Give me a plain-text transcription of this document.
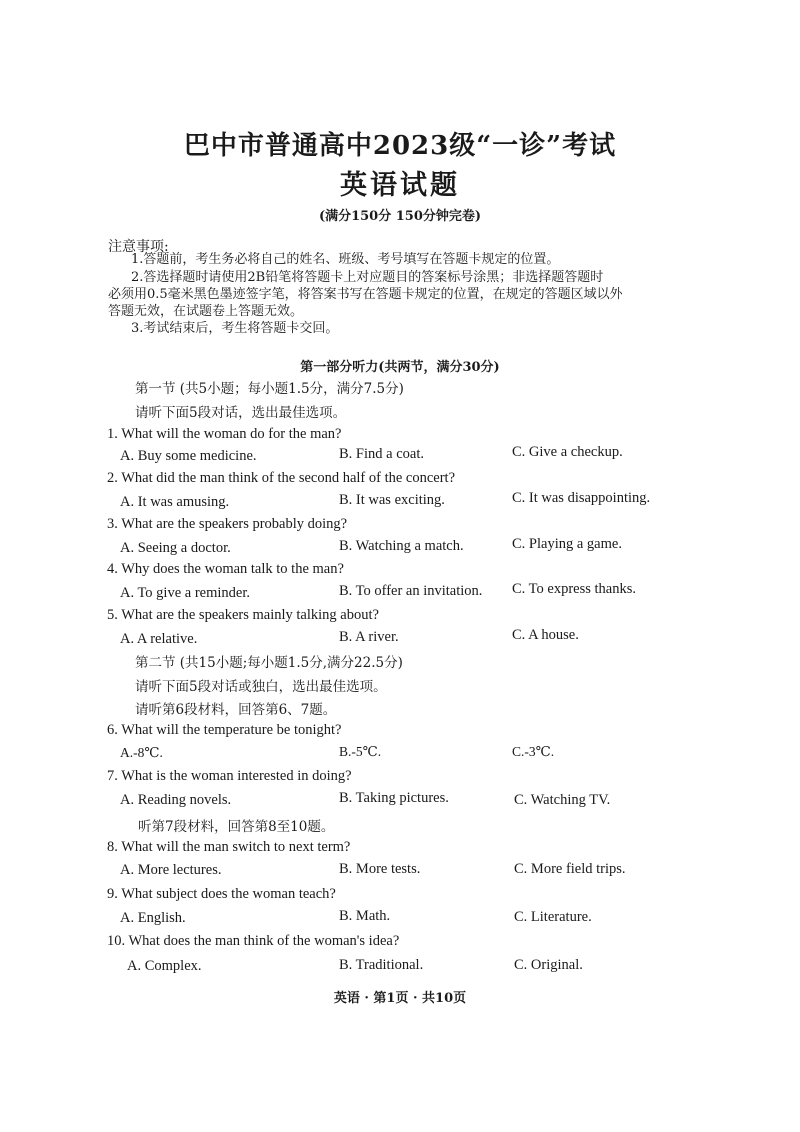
巴中市普通高中2023级“一诊”考试
英语试题
(满分150分 150分钟完卷)
注意事项:
1.答题前，考生务必将自己的姓名、班级、考号填写在答题卡规定的位置。
2.答选择题时请使用2B铅笔将答题卡上对应题目的答案标号涂黑；非选择题答题时
必须用0.5毫米黑色墨迹签字笔，将答案书写在答题卡规定的位置，在规定的答题区域以外
答题无效，在试题卷上答题无效。
3.考试结束后，考生将答题卡交回。
第一部分听力(共两节，满分30分)
第一节 (共5小题；每小题1.5分，满分7.5分)
请听下面5段对话，选出最佳选项。
1. What will the woman do for the man?
A. Buy some medicine.	B. Find a coat.	C. Give a checkup.
2. What did the man think of the second half of the concert?
A. It was amusing.	B. It was exciting.	C. It was disappointing.
3. What are the speakers probably doing?
A. Seeing a doctor.	B. Watching a match.	C. Playing a game.
4. Why does the woman talk to the man?
A. To give a reminder.	B. To offer an invitation. C. To express thanks.
5. What are the speakers mainly talking about?
A. A relative.	B. A river.	C. A house.
第二节 (共15小题;每小题1.5分,满分22.5分)
请听下面5段对话或独白，选出最佳选项。
请听第6段材料，回答第6、7题。
6. What will the temperature be tonight?
A.-8℃.	B.-5℃.	C.-3℃.
7. What is the woman interested in doing?
A. Reading novels.	B. Taking pictures.	C. Watching TV.
听第7段材料，回答第8至10题。
8. What will the man switch to next term?
A. More lectures.	B. More tests.	C. More field trips.
9. What subject does the woman teach?
A. English.	B. Math.	C. Literature.
10. What does the man think of the woman's idea?
A. Complex.	B. Traditional.	C. Original.
英语 · 第1页 · 共10页
